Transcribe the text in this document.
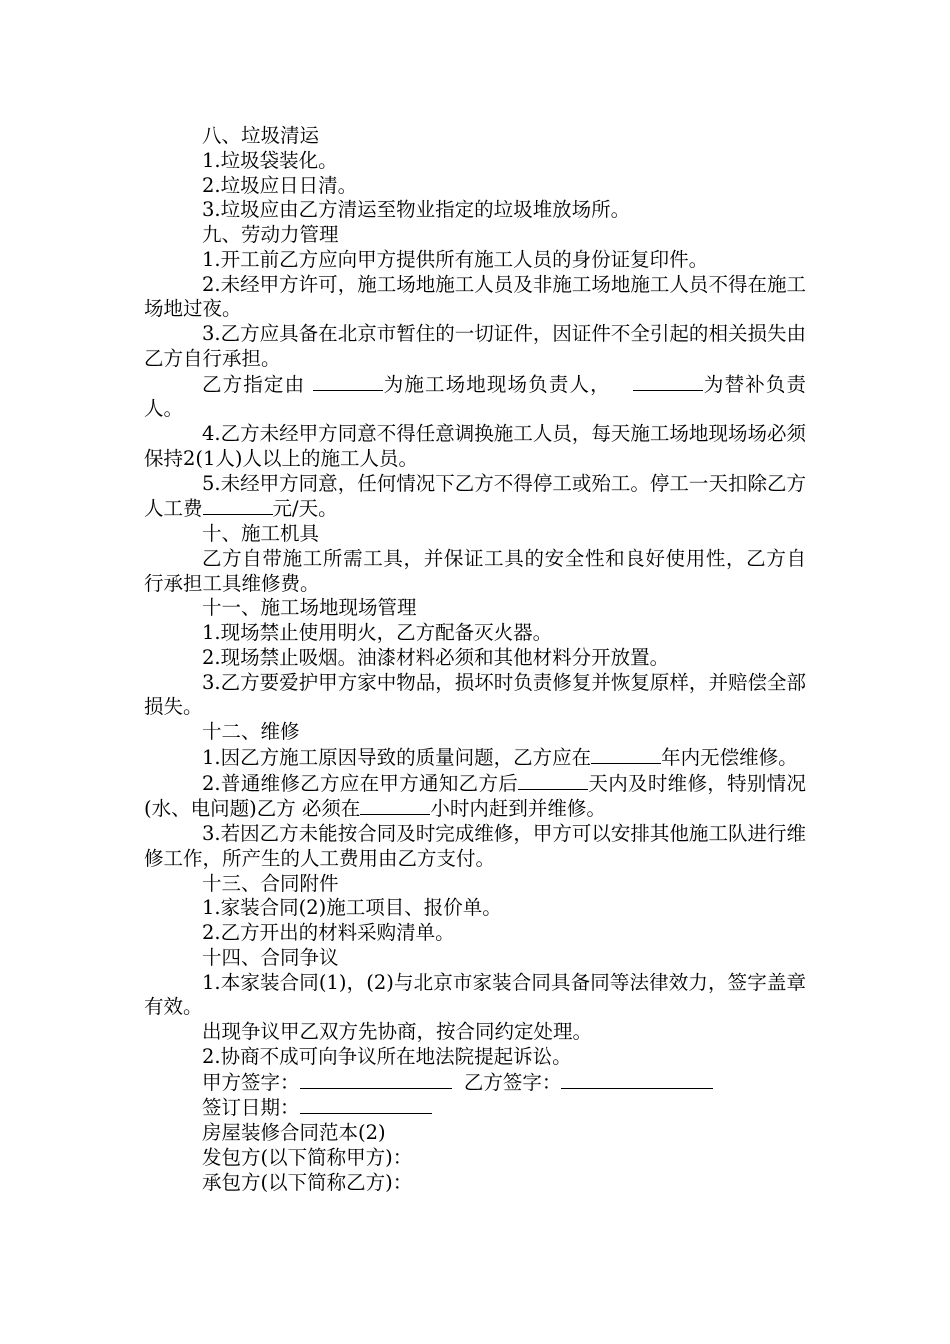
八、垃圾清运

1.垃圾袋装化。

2.垃圾应日日清。

3.垃圾应由乙方清运至物业指定的垃圾堆放场所。

九、劳动力管理

1.开工前乙方应向甲方提供所有施工人员的身份证复印件。

2.未经甲方许可，施工场地施工人员及非施工场地施工人员不得在施工场地过夜。

3.乙方应具备在北京市暂住的一切证件，因证件不全引起的相关损失由乙方自行承担。

乙方指定由	为施工场地现场负责人，	为替补负责人。

4.乙方未经甲方同意不得任意调换施工人员，每天施工场地现场场必须保持2(1人)人以上的施工人员。

5.未经甲方同意，任何情况下乙方不得停工或殆工。停工一天扣除乙方人工费	元/天。

十、施工机具

乙方自带施工所需工具，并保证工具的安全性和良好使用性，乙方自行承担工具维修费。

十一、施工场地现场管理

1.现场禁止使用明火，乙方配备灭火器。

2.现场禁止吸烟。油漆材料必须和其他材料分开放置。

3.乙方要爱护甲方家中物品，损坏时负责修复并恢复原样，并赔偿全部损失。

十二、维修

1.因乙方施工原因导致的质量问题，乙方应在	年内无偿维修。

2.普通维修乙方应在甲方通知乙方后	天内及时维修，特别情况(水、电问题)乙方 必须在	小时内赶到并维修。

3.若因乙方未能按合同及时完成维修，甲方可以安排其他施工队进行维修工作，所产生的人工费用由乙方支付。

十三、合同附件

1.家装合同(2)施工项目、报价单。

2.乙方开出的材料采购清单。

十四、合同争议

1.本家装合同(1)，(2)与北京市家装合同具备同等法律效力，签字盖章有效。

出现争议甲乙双方先协商，按合同约定处理。

2.协商不成可向争议所在地法院提起诉讼。

甲方签字：	乙方签字：

签订日期：

房屋装修合同范本(2)

发包方(以下简称甲方)：

承包方(以下简称乙方)：
